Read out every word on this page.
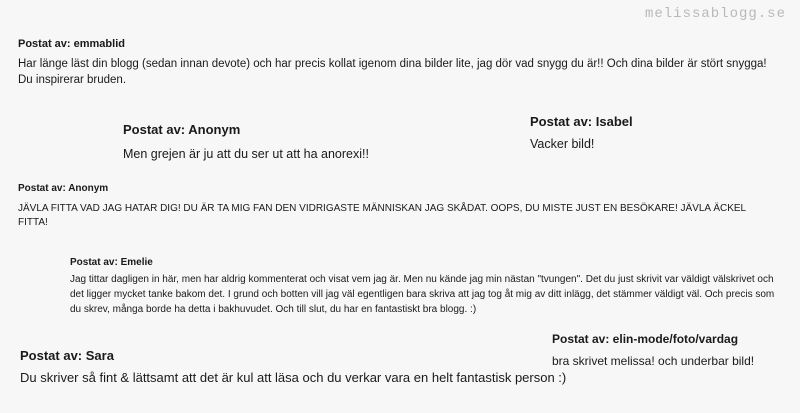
melissablogg.se
Postat av: emmablid
Har länge läst din blogg (sedan innan devote) och har precis kollat igenom dina bilder lite, jag dör vad snygg du är!! Och dina bilder är stört snygga! Du inspirerar bruden.
Postat av: Anonym
Men grejen är ju att du ser ut att ha anorexi!!
Postat av: Isabel
Vacker bild!
Postat av: Anonym
JÄVLA FITTA VAD JAG HATAR DIG! DU ÄR TA MIG FAN DEN VIDRIGASTE MÄNNISKAN JAG SKÅDAT. OOPS, DU MISTE JUST EN BESÖKARE! JÄVLA ÄCKEL FITTA!
Postat av: Emelie
Jag tittar dagligen in här, men har aldrig kommenterat och visat vem jag är. Men nu kände jag min nästan "tvungen". Det du just skrivit var väldigt välskrivet och det ligger mycket tanke bakom det. I grund och botten vill jag väl egentligen bara skriva att jag tog åt mig av ditt inlägg, det stämmer väldigt väl. Och precis som du skrev, många borde ha detta i bakhuvudet. Och till slut, du har en fantastiskt bra blogg. :)
Postat av: elin-mode/foto/vardag
bra skrivet melissa! och underbar bild!
Postat av: Sara
Du skriver så fint & lättsamt att det är kul att läsa och du verkar vara en helt fantastisk person :)
